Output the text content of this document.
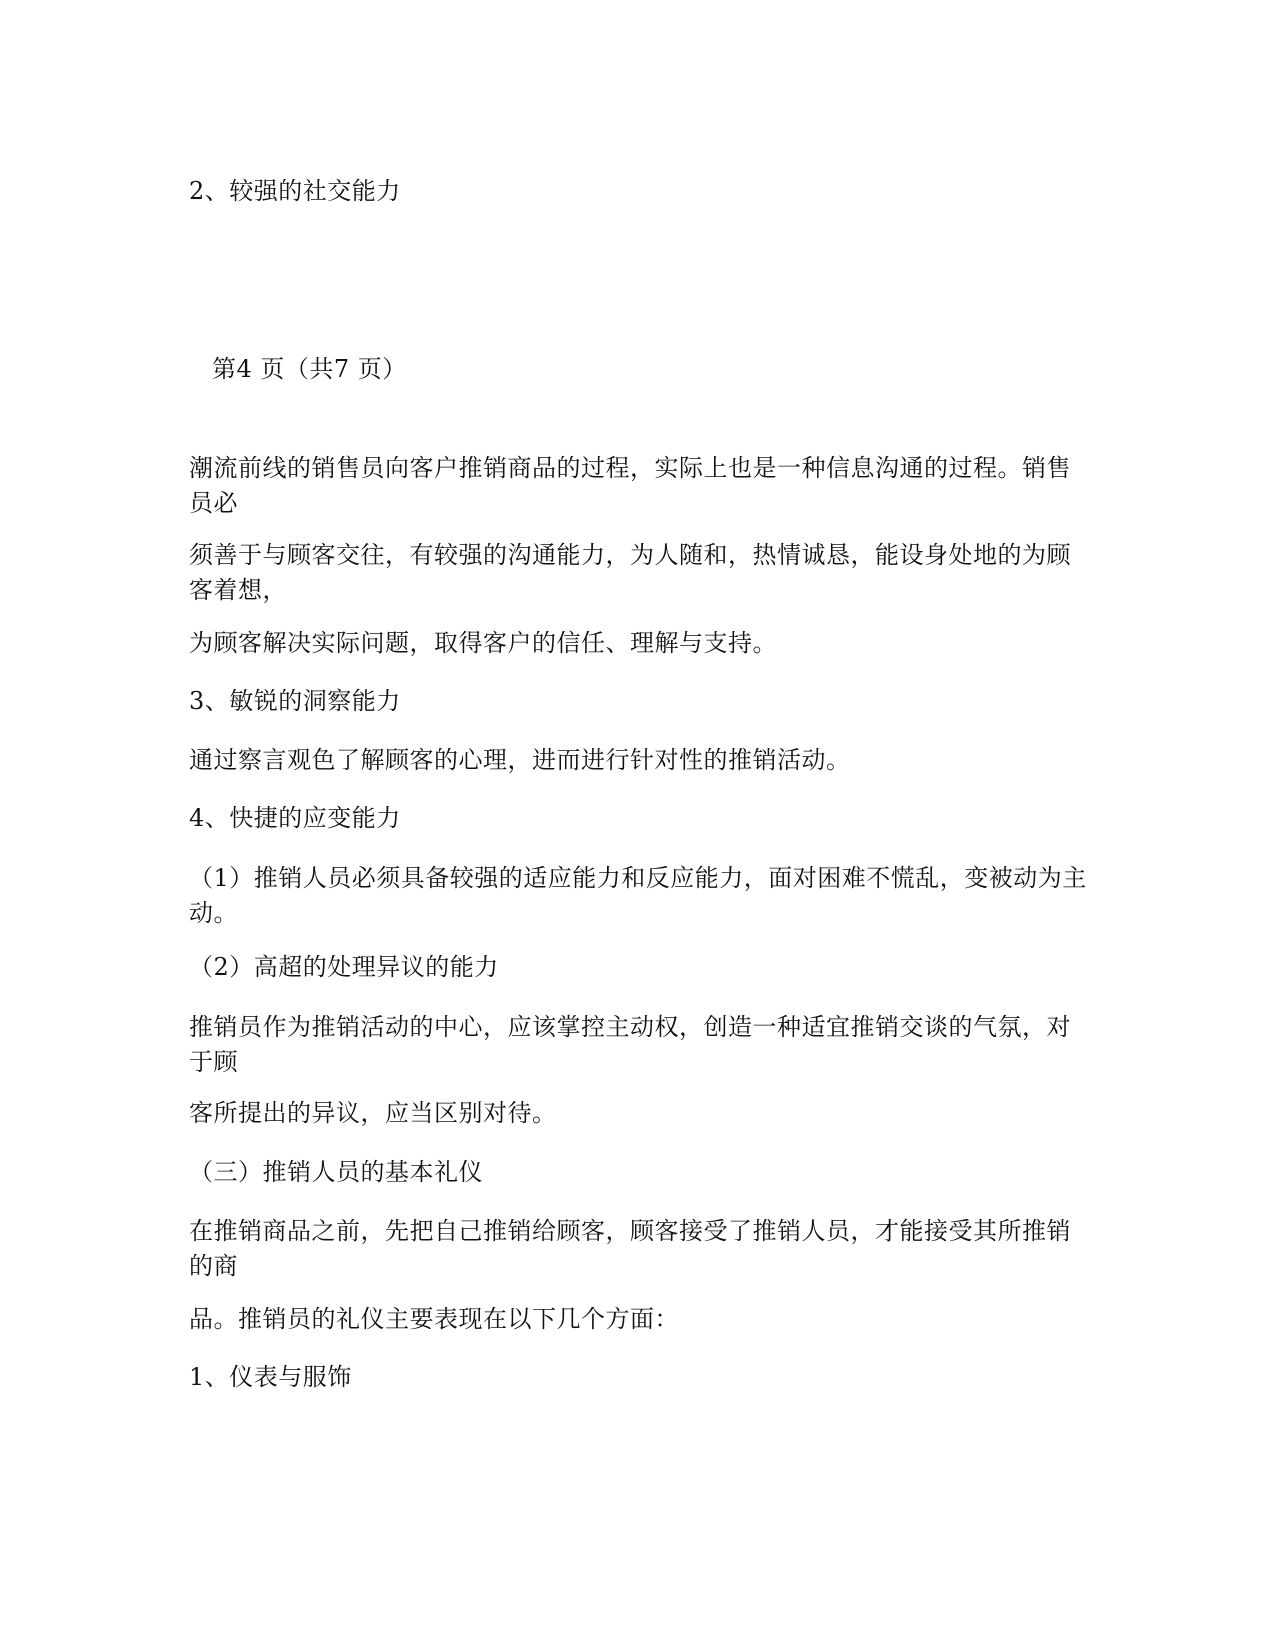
2、较强的社交能力
第4 页（共7 页）
潮流前线的销售员向客户推销商品的过程，实际上也是一种信息沟通的过程。销售员必
须善于与顾客交往，有较强的沟通能力，为人随和，热情诚恳，能设身处地的为顾客着想，
为顾客解决实际问题，取得客户的信任、理解与支持。
3、敏锐的洞察能力
通过察言观色了解顾客的心理，进而进行针对性的推销活动。
4、快捷的应变能力
（1）推销人员必须具备较强的适应能力和反应能力，面对困难不慌乱，变被动为主动。
（2）高超的处理异议的能力
推销员作为推销活动的中心，应该掌控主动权，创造一种适宜推销交谈的气氛，对于顾
客所提出的异议，应当区别对待。
（三）推销人员的基本礼仪
在推销商品之前，先把自己推销给顾客，顾客接受了推销人员，才能接受其所推销的商
品。推销员的礼仪主要表现在以下几个方面：
1、仪表与服饰
